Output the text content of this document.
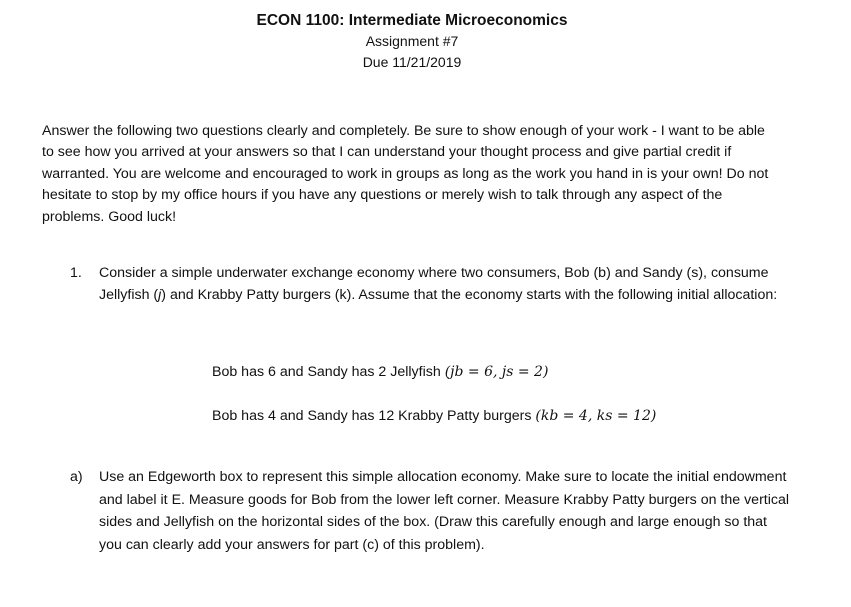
ECON 1100: Intermediate Microeconomics
Assignment #7
Due 11/21/2019
Answer the following two questions clearly and completely. Be sure to show enough of your work - I want to be able to see how you arrived at your answers so that I can understand your thought process and give partial credit if warranted. You are welcome and encouraged to work in groups as long as the work you hand in is your own! Do not hesitate to stop by my office hours if you have any questions or merely wish to talk through any aspect of the problems. Good luck!
1. Consider a simple underwater exchange economy where two consumers, Bob (b) and Sandy (s), consume Jellyfish (j) and Krabby Patty burgers (k). Assume that the economy starts with the following initial allocation:
Bob has 6 and Sandy has 2 Jellyfish (jb = 6, js = 2)
Bob has 4 and Sandy has 12 Krabby Patty burgers (kb = 4, ks = 12)
a) Use an Edgeworth box to represent this simple allocation economy. Make sure to locate the initial endowment and label it E. Measure goods for Bob from the lower left corner. Measure Krabby Patty burgers on the vertical sides and Jellyfish on the horizontal sides of the box. (Draw this carefully enough and large enough so that you can clearly add your answers for part (c) of this problem).
